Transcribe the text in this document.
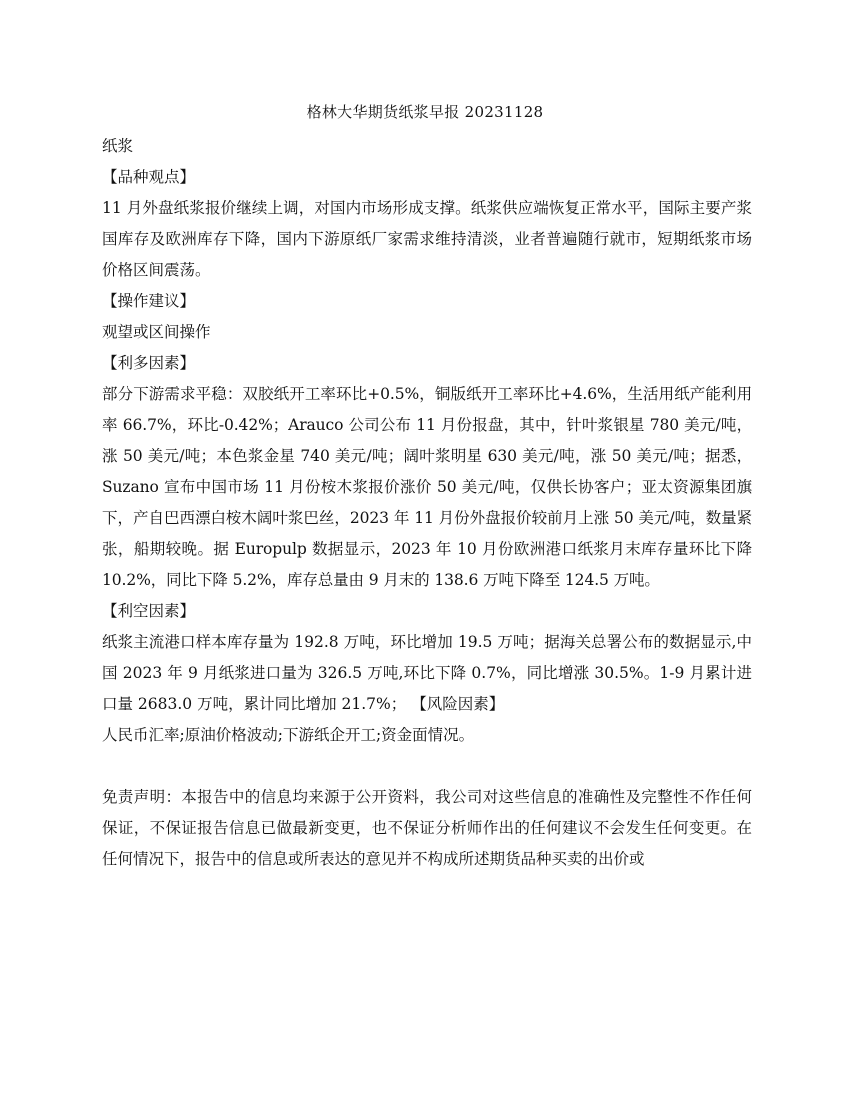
格林大华期货纸浆早报 20231128

纸浆

【品种观点】

11 月外盘纸浆报价继续上调，对国内市场形成支撑。纸浆供应端恢复正常水平，国际主要产浆国库存及欧洲库存下降，国内下游原纸厂家需求维持清淡，业者普遍随行就市，短期纸浆市场价格区间震荡。

【操作建议】

观望或区间操作

【利多因素】

部分下游需求平稳：双胶纸开工率环比+0.5%，铜版纸开工率环比+4.6%，生活用纸产能利用率 66.7%，环比-0.42%；Arauco 公司公布 11 月份报盘，其中，针叶浆银星 780 美元/吨，涨 50 美元/吨；本色浆金星 740 美元/吨；阔叶浆明星 630 美元/吨，涨 50 美元/吨；据悉，Suzano 宣布中国市场 11 月份桉木浆报价涨价 50 美元/吨，仅供长协客户；亚太资源集团旗下，产自巴西漂白桉木阔叶浆巴丝，2023 年 11 月份外盘报价较前月上涨 50 美元/吨，数量紧张，船期较晚。据 Europulp 数据显示，2023 年 10 月份欧洲港口纸浆月末库存量环比下降 10.2%，同比下降 5.2%，库存总量由 9 月末的 138.6 万吨下降至 124.5 万吨。

【利空因素】

纸浆主流港口样本库存量为 192.8 万吨，环比增加 19.5 万吨；据海关总署公布的数据显示,中国 2023 年 9 月纸浆进口量为 326.5 万吨,环比下降 0.7%，同比增涨 30.5%。1-9 月累计进口量 2683.0 万吨，累计同比增加 21.7%； 【风险因素】

人民币汇率;原油价格波动;下游纸企开工;资金面情况。

免责声明：本报告中的信息均来源于公开资料，我公司对这些信息的准确性及完整性不作任何保证，不保证报告信息已做最新变更，也不保证分析师作出的任何建议不会发生任何变更。在任何情况下，报告中的信息或所表达的意见并不构成所述期货品种买卖的出价或
